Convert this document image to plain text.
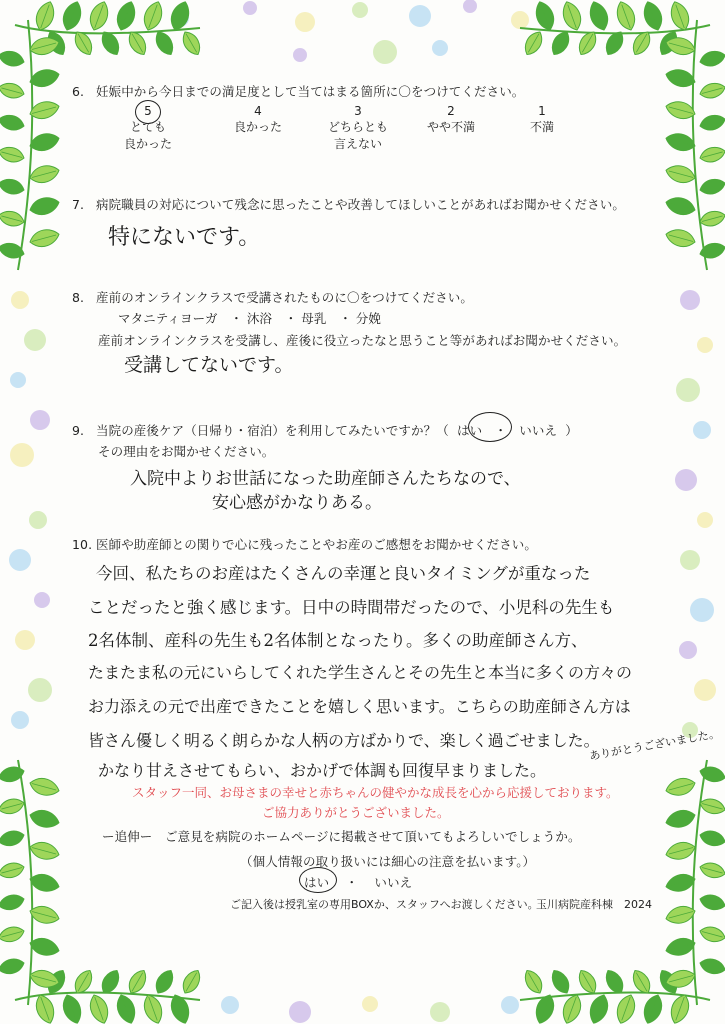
6. 妊娠中から今日までの満足度として当てはまる箇所に〇をつけてください。
5
とても
良かった
4
良かった
3
どちらとも
言えない
2
やや不満
1
不満
7. 病院職員の対応について残念に思ったことや改善してほしいことがあればお聞かせください。
特にないです。
8. 産前のオンラインクラスで受講されたものに〇をつけてください。
マタニティヨーガ　・ 沐浴　・ 母乳　・ 分娩
産前オンラインクラスを受講し、産後に役立ったなと思うこと等があればお聞かせください。
受講してないです。
9. 当院の産後ケア（日帰り・宿泊）を利用してみたいですか？（ はい ・ いいえ ）
その理由をお聞かせください。
入院中よりお世話になった助産師さんたちなので、
安心感がかなりある。
10. 医師や助産師との関りで心に残ったことやお産のご感想をお聞かせください。
今回、私たちのお産はたくさんの幸運と良いタイミングが重なった
ことだったと強く感じます。日中の時間帯だったので、小児科の先生も
2名体制、産科の先生も2名体制となったり。多くの助産師さん方、
たまたま私の元にいらしてくれた学生さんとその先生と本当に多くの方々の
お力添えの元で出産できたことを嬉しく思います。こちらの助産師さん方は
皆さん優しく明るく朗らかな人柄の方ばかりで、楽しく過ごせました。
かなり甘えさせてもらい、おかげで体調も回復早まりました。
ありがとうございました。
スタッフ一同、お母さまの幸せと赤ちゃんの健やかな成長を心から応援しております。
ご協力ありがとうございました。
ー追伸ー　ご意見を病院のホームページに掲載させて頂いてもよろしいでしょうか。
（個人情報の取り扱いには細心の注意を払います。）
はい ・ いいえ
ご記入後は授乳室の専用BOXか、スタッフへお渡しください。
玉川病院産科棟　2024
